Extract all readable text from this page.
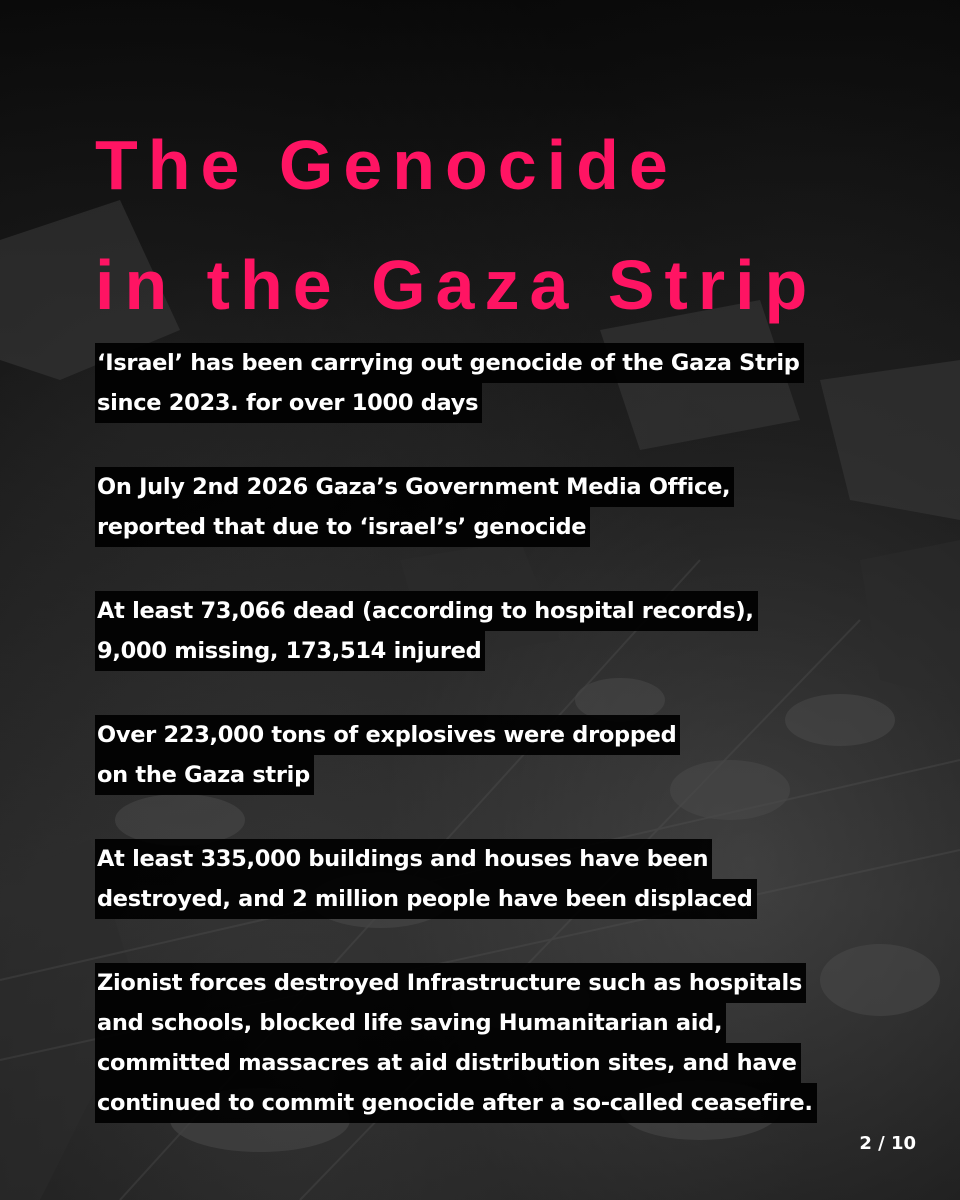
The Genocide
in the Gaza Strip

‘Israel’ has been carrying out genocide of the Gaza Strip
since 2023. for over 1000 days

On July 2nd 2026 Gaza’s Government Media Office,
reported that due to ‘israel’s’ genocide

At least 73,066 dead (according to hospital records),
9,000 missing, 173,514 injured

Over 223,000 tons of explosives were dropped
on the Gaza strip

At least 335,000 buildings and houses have been
destroyed, and 2 million people have been displaced

Zionist forces destroyed Infrastructure such as hospitals
and schools, blocked life saving Humanitarian aid,
committed massacres at aid distribution sites, and have
continued to commit genocide after a so-called ceasefire.

2 / 10
